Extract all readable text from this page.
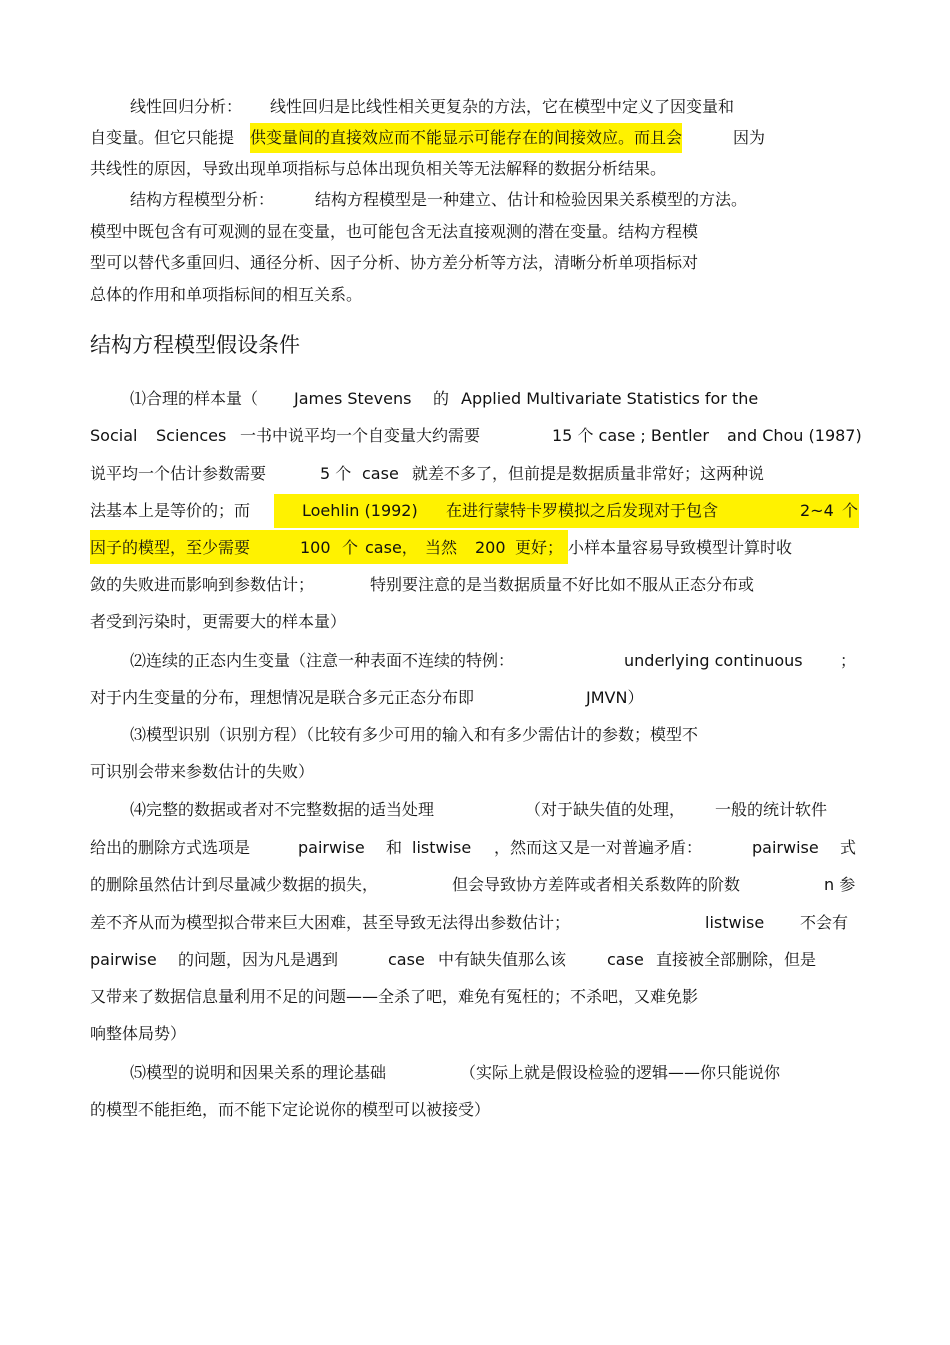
线性回归分析： 线性回归是比线性相关更复杂的方法，它在模型中定义了因变量和
自变量。但它只能提 供变量间的直接效应而不能显示可能存在的间接效应。而且会	因为
共线性的原因，导致出现单项指标与总体出现负相关等无法解释的数据分析结果。
结构方程模型分析：	结构方程模型是一种建立、估计和检验因果关系模型的方法。
模型中既包含有可观测的显在变量，也可能包含无法直接观测的潜在变量。结构方程模
型可以替代多重回归、通径分析、因子分析、协方差分析等方法，清晰分析单项指标对
总体的作用和单项指标间的相互关系。
结构方程模型假设条件
⑴合理的样本量（ James Stevens 的 Applied Multivariate Statistics for the
Social Sciences 一书中说平均一个自变量大约需要	15 个 case ; Bentler and Chou (1987)
说平均一个估计参数需要	5 个 case 就差不多了，但前提是数据质量非常好；这两种说
法基本上是等价的；而	Loehlin (1992) 在进行蒙特卡罗模拟之后发现对于包含	2~4 个
因子的模型，至少需要	100 个 case， 当然 200 更好； 小样本量容易导致模型计算时收
敛的失败进而影响到参数估计；	特别要注意的是当数据质量不好比如不服从正态分布或
者受到污染时，更需要大的样本量）
⑵连续的正态内生变量（注意一种表面不连续的特例：	underlying continuous ；
对于内生变量的分布，理想情况是联合多元正态分布即	JMVN）
⑶模型识别（识别方程）（比较有多少可用的输入和有多少需估计的参数；模型不
可识别会带来参数估计的失败）
⑷完整的数据或者对不完整数据的适当处理	（对于缺失值的处理， 一般的统计软件
给出的删除方式选项是	pairwise 和 listwise ，然而这又是一对普遍矛盾：	pairwise 式
的删除虽然估计到尽量减少数据的损失，	但会导致协方差阵或者相关系数阵的阶数	n 参
差不齐从而为模型拟合带来巨大困难，甚至导致无法得出参数估计；	listwise 不会有
pairwise 的问题，因为凡是遇到	case 中有缺失值那么该	case 直接被全部删除，但是
又带来了数据信息量利用不足的问题——全杀了吧，难免有冤枉的；不杀吧，又难免影
响整体局势）
⑸模型的说明和因果关系的理论基础	（实际上就是假设检验的逻辑——你只能说你
的模型不能拒绝，而不能下定论说你的模型可以被接受）
